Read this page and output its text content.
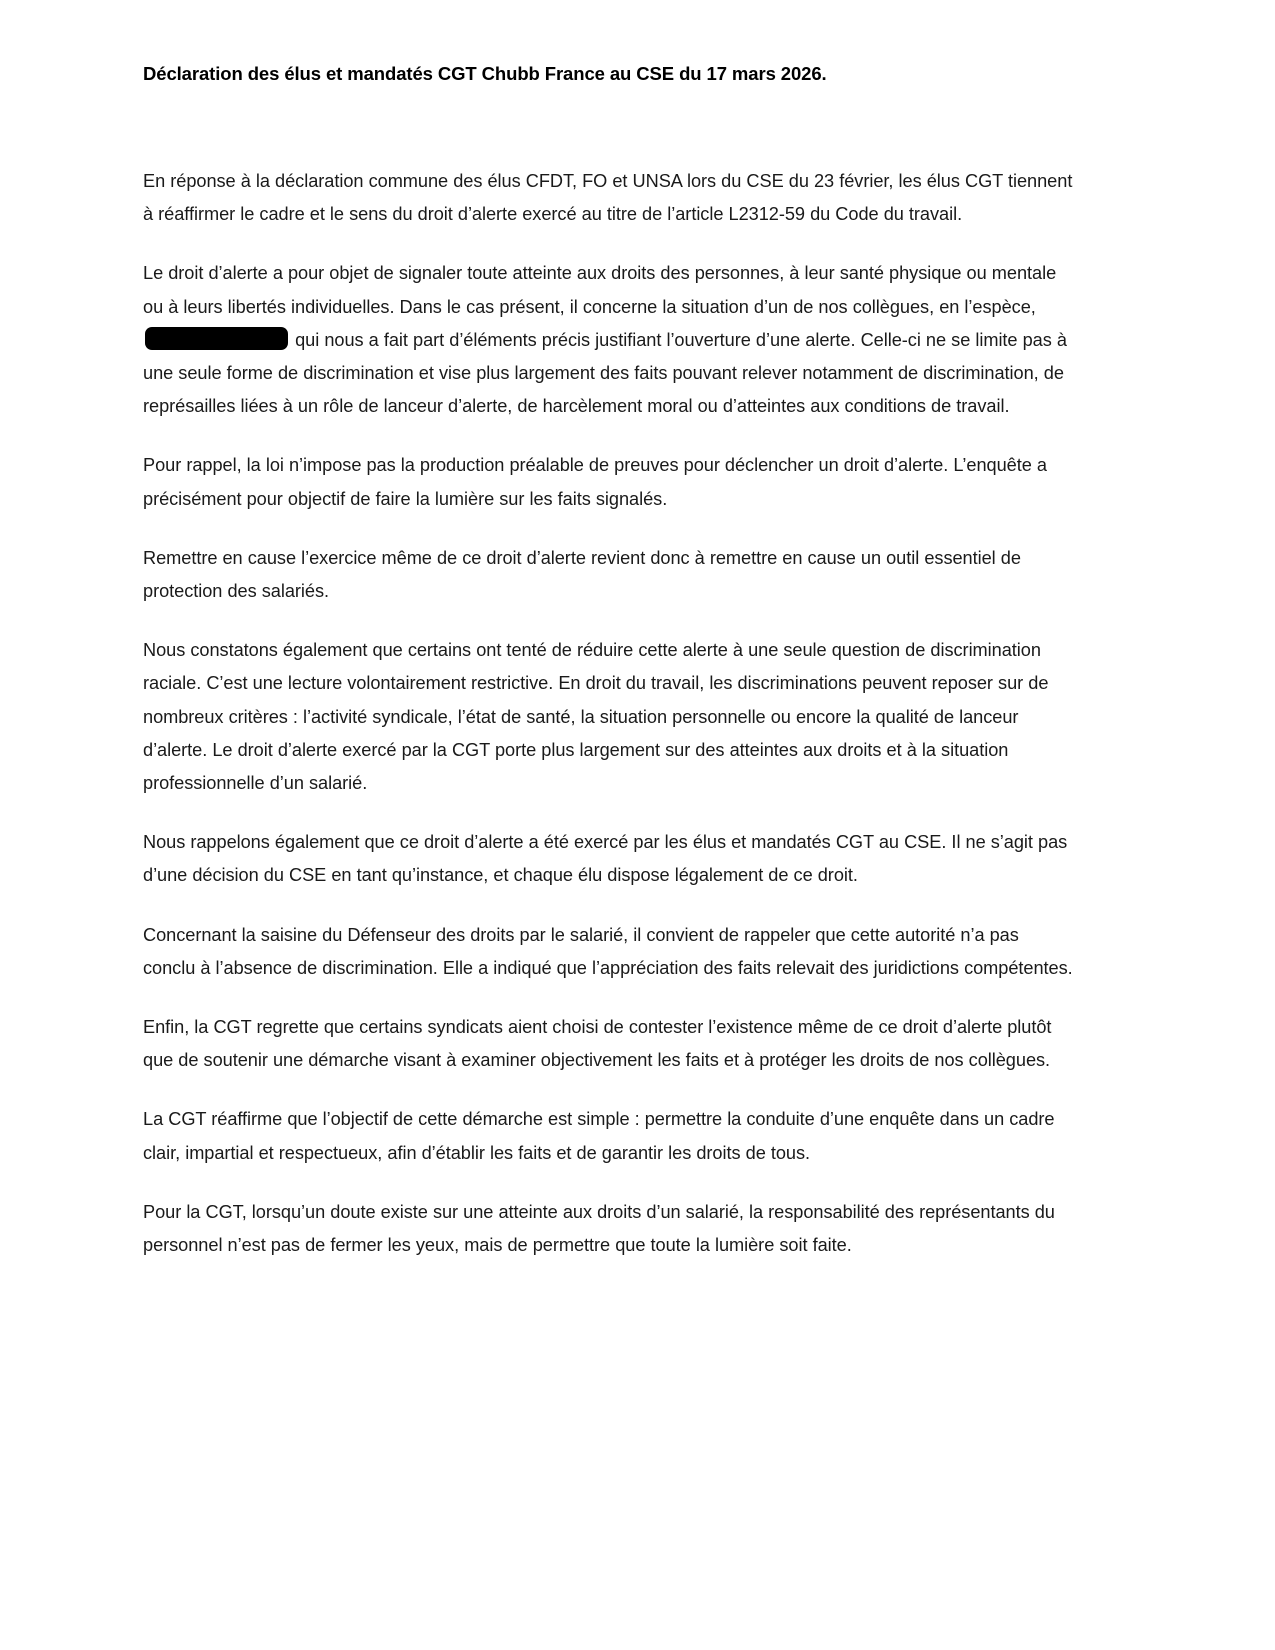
Déclaration des élus et mandatés CGT Chubb France au CSE du 17 mars 2026.

En réponse à la déclaration commune des élus CFDT, FO et UNSA lors du CSE du 23 février, les élus CGT tiennent à réaffirmer le cadre et le sens du droit d’alerte exercé au titre de l’article L2312-59 du Code du travail.

Le droit d’alerte a pour objet de signaler toute atteinte aux droits des personnes, à leur santé physique ou mentale ou à leurs libertés individuelles. Dans le cas présent, il concerne la situation d’un de nos collègues, en l’espèce,  qui nous a fait part d’éléments précis justifiant l’ouverture d’une alerte. Celle-ci ne se limite pas à une seule forme de discrimination et vise plus largement des faits pouvant relever notamment de discrimination, de représailles liées à un rôle de lanceur d’alerte, de harcèlement moral ou d’atteintes aux conditions de travail.

Pour rappel, la loi n’impose pas la production préalable de preuves pour déclencher un droit d’alerte. L’enquête a précisément pour objectif de faire la lumière sur les faits signalés.

Remettre en cause l’exercice même de ce droit d’alerte revient donc à remettre en cause un outil essentiel de protection des salariés.

Nous constatons également que certains ont tenté de réduire cette alerte à une seule question de discrimination raciale. C’est une lecture volontairement restrictive. En droit du travail, les discriminations peuvent reposer sur de nombreux critères : l’activité syndicale, l’état de santé, la situation personnelle ou encore la qualité de lanceur d’alerte. Le droit d’alerte exercé par la CGT porte plus largement sur des atteintes aux droits et à la situation professionnelle d’un salarié.

Nous rappelons également que ce droit d’alerte a été exercé par les élus et mandatés CGT au CSE. Il ne s’agit pas d’une décision du CSE en tant qu’instance, et chaque élu dispose légalement de ce droit.

Concernant la saisine du Défenseur des droits par le salarié, il convient de rappeler que cette autorité n’a pas conclu à l’absence de discrimination. Elle a indiqué que l’appréciation des faits relevait des juridictions compétentes.

Enfin, la CGT regrette que certains syndicats aient choisi de contester l’existence même de ce droit d’alerte plutôt que de soutenir une démarche visant à examiner objectivement les faits et à protéger les droits de nos collègues.

La CGT réaffirme que l’objectif de cette démarche est simple : permettre la conduite d’une enquête dans un cadre clair, impartial et respectueux, afin d’établir les faits et de garantir les droits de tous.

Pour la CGT, lorsqu’un doute existe sur une atteinte aux droits d’un salarié, la responsabilité des représentants du personnel n’est pas de fermer les yeux, mais de permettre que toute la lumière soit faite.
